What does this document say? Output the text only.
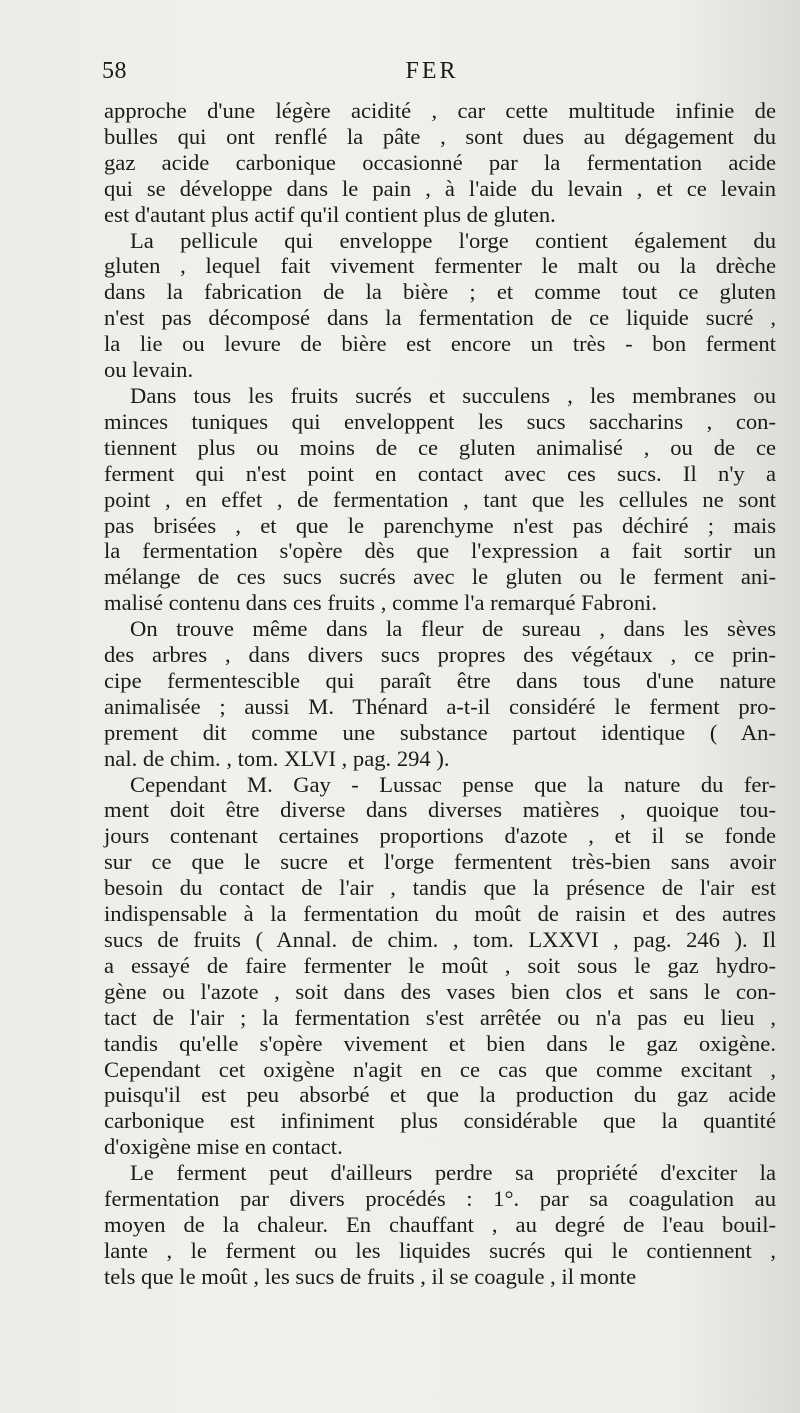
58	FER
approche d'une légère acidité , car cette multitude infinie de
bulles qui ont renflé la pâte , sont dues au dégagement du
gaz acide carbonique occasionné par la fermentation acide
qui se développe dans le pain , à l'aide du levain , et ce levain
est d'autant plus actif qu'il contient plus de gluten.
La pellicule qui enveloppe l'orge contient également du
gluten , lequel fait vivement fermenter le malt ou la drèche
dans la fabrication de la bière ; et comme tout ce gluten
n'est pas décomposé dans la fermentation de ce liquide sucré ,
la lie ou levure de bière est encore un très - bon ferment
ou levain.
Dans tous les fruits sucrés et succulens , les membranes ou
minces tuniques qui enveloppent les sucs saccharins , con-
tiennent plus ou moins de ce gluten animalisé , ou de ce
ferment qui n'est point en contact avec ces sucs. Il n'y a
point , en effet , de fermentation , tant que les cellules ne sont
pas brisées , et que le parenchyme n'est pas déchiré ; mais
la fermentation s'opère dès que l'expression a fait sortir un
mélange de ces sucs sucrés avec le gluten ou le ferment ani-
malisé contenu dans ces fruits , comme l'a remarqué Fabroni.
On trouve même dans la fleur de sureau , dans les sèves
des arbres , dans divers sucs propres des végétaux , ce prin-
cipe fermentescible qui paraît être dans tous d'une nature
animalisée ; aussi M. Thénard a-t-il considéré le ferment pro-
prement dit comme une substance partout identique ( An-
nal. de chim. , tom. XLVI , pag. 294 ).
Cependant M. Gay - Lussac pense que la nature du fer-
ment doit être diverse dans diverses matières , quoique tou-
jours contenant certaines proportions d'azote , et il se fonde
sur ce que le sucre et l'orge fermentent très-bien sans avoir
besoin du contact de l'air , tandis que la présence de l'air est
indispensable à la fermentation du moût de raisin et des autres
sucs de fruits ( Annal. de chim. , tom. LXXVI , pag. 246 ). Il
a essayé de faire fermenter le moût , soit sous le gaz hydro-
gène ou l'azote , soit dans des vases bien clos et sans le con-
tact de l'air ; la fermentation s'est arrêtée ou n'a pas eu lieu ,
tandis qu'elle s'opère vivement et bien dans le gaz oxigène.
Cependant cet oxigène n'agit en ce cas que comme excitant ,
puisqu'il est peu absorbé et que la production du gaz acide
carbonique est infiniment plus considérable que la quantité
d'oxigène mise en contact.
Le ferment peut d'ailleurs perdre sa propriété d'exciter la
fermentation par divers procédés : 1°. par sa coagulation au
moyen de la chaleur. En chauffant , au degré de l'eau bouil-
lante , le ferment ou les liquides sucrés qui le contiennent ,
tels que le moût , les sucs de fruits , il se coagule , il monte
